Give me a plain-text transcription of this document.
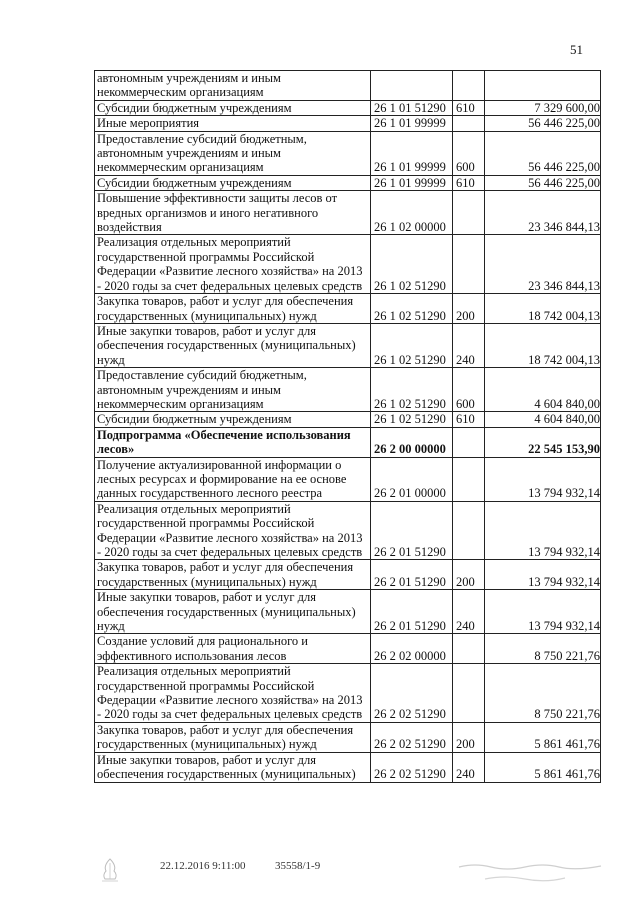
51
автономным учреждениям и иным некоммерческим организациям			
Субсидии бюджетным учреждениям	26 1 01 51290	610	7 329 600,00
Иные мероприятия	26 1 01 99999		56 446 225,00
Предоставление субсидий бюджетным, автономным учреждениям и иным некоммерческим организациям	26 1 01 99999	600	56 446 225,00
Субсидии бюджетным учреждениям	26 1 01 99999	610	56 446 225,00
Повышение эффективности защиты лесов от вредных организмов и иного негативного воздействия	26 1 02 00000		23 346 844,13
Реализация отдельных мероприятий государственной программы Российской Федерации «Развитие лесного хозяйства» на 2013 - 2020 годы за счет федеральных целевых средств	26 1 02 51290		23 346 844,13
Закупка товаров, работ и услуг для обеспечения государственных (муниципальных) нужд	26 1 02 51290	200	18 742 004,13
Иные закупки товаров, работ и услуг для обеспечения государственных (муниципальных) нужд	26 1 02 51290	240	18 742 004,13
Предоставление субсидий бюджетным, автономным учреждениям и иным некоммерческим организациям	26 1 02 51290	600	4 604 840,00
Субсидии бюджетным учреждениям	26 1 02 51290	610	4 604 840,00
Подпрограмма «Обеспечение использования лесов»	26 2 00 00000		22 545 153,90
Получение актуализированной информации о лесных ресурсах и формирование на ее основе данных государственного лесного реестра	26 2 01 00000		13 794 932,14
Реализация отдельных мероприятий государственной программы Российской Федерации «Развитие лесного хозяйства» на 2013 - 2020 годы за счет федеральных целевых средств	26 2 01 51290		13 794 932,14
Закупка товаров, работ и услуг для обеспечения государственных (муниципальных) нужд	26 2 01 51290	200	13 794 932,14
Иные закупки товаров, работ и услуг для обеспечения государственных (муниципальных) нужд	26 2 01 51290	240	13 794 932,14
Создание условий для рационального и эффективного использования лесов	26 2 02 00000		8 750 221,76
Реализация отдельных мероприятий государственной программы Российской Федерации «Развитие лесного хозяйства» на 2013 - 2020 годы за счет федеральных целевых средств	26 2 02 51290		8 750 221,76
Закупка товаров, работ и услуг для обеспечения государственных (муниципальных) нужд	26 2 02 51290	200	5 861 461,76
Иные закупки товаров, работ и услуг для обеспечения государственных (муниципальных)	26 2 02 51290	240	5 861 461,76
22.12.2016 9:11:00	35558/1-9
